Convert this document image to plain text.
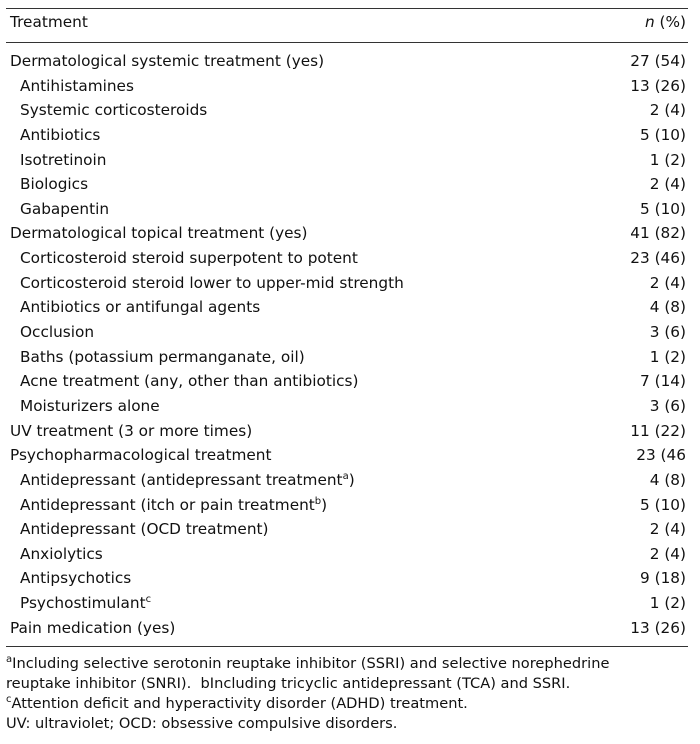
Treatment	n (%)
Dermatological systemic treatment (yes)	27 (54)
Antihistamines	13 (26)
Systemic corticosteroids	2 (4)
Antibiotics	5 (10)
Isotretinoin	1 (2)
Biologics	2 (4)
Gabapentin	5 (10)
Dermatological topical treatment (yes)	41 (82)
Corticosteroid steroid superpotent to potent	23 (46)
Corticosteroid steroid lower to upper-mid strength	2 (4)
Antibiotics or antifungal agents	4 (8)
Occlusion	3 (6)
Baths (potassium permanganate, oil)	1 (2)
Acne treatment (any, other than antibiotics)	7 (14)
Moisturizers alone	3 (6)
UV treatment (3 or more times)	11 (22)
Psychopharmacological treatment	23 (46
Antidepressant (antidepressant treatment$^a$)	4 (8)
Antidepressant (itch or pain treatment$^b$)	5 (10)
Antidepressant (OCD treatment)	2 (4)
Anxiolytics	2 (4)
Antipsychotics	9 (18)
Psychostimulant$^c$	1 (2)
Pain medication (yes)	13 (26)
$^a$Including selective serotonin reuptake inhibitor (SSRI) and selective norephedrine
reuptake inhibitor (SNRI).  bIncluding tricyclic antidepressant (TCA) and SSRI.
$^c$Attention deficit and hyperactivity disorder (ADHD) treatment.
UV: ultraviolet; OCD: obsessive compulsive disorders.
